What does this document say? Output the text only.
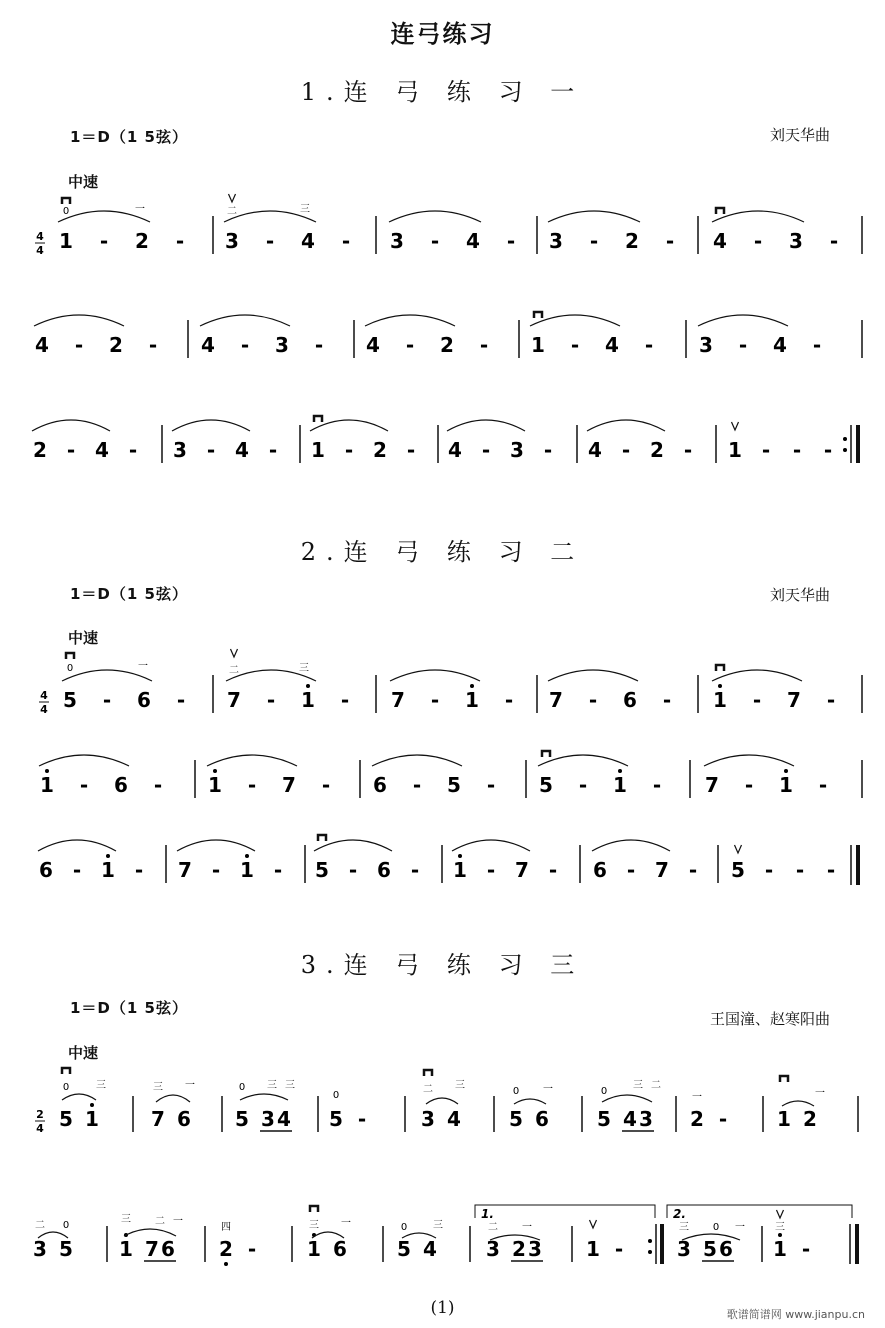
连弓练习
1.连 弓 练 习 一
1＝D（1 5弦）	刘天华曲
中速
1 - 2 - 3 - 4 - 3 - 4 - 3 - 2 - 4 - 3 -
4 - 2 - 4 - 3 - 4 - 2 - 1 - 4 - 3 - 4 -
2 - 4 - 3 - 4 - 1 - 2 - 4 - 3 - 4 - 2 - 1 - - -
4
4
0	一	二	三
2.连 弓 练 习 二
1＝D（1 5弦）	刘天华曲
中速
5 - 6 - 7 - 1 - 7 - 1 - 7 - 6 - 1 - 7 -
1 - 6 - 1 - 7 - 6 - 5 - 5 - 1 - 7 - 1 -
6 - 1 - 7 - 1 - 5 - 6 - 1 - 7 - 6 - 7 - 5 - - -
4
4
0	一	二	三
3.连 弓 练 习 三
1＝D（1 5弦）
王国潼、赵寒阳曲
中速
2
4 5 1	7 6 5 3 4 5 -	3 4 5 6 5 4 3 2 - 1 2
0	三	三 一	0 三 三
0
二 三
0 一	0
三 二
一	一
3 5 1 7 6 2 -	1 6	5 4 3 2 3 1 -	3 5 6 1 -
二 0
三 二 一
四	三 一	0	三	二 一	三 0 一	三
1.	2.
(1)	歌谱简谱网 www.jianpu.cn
